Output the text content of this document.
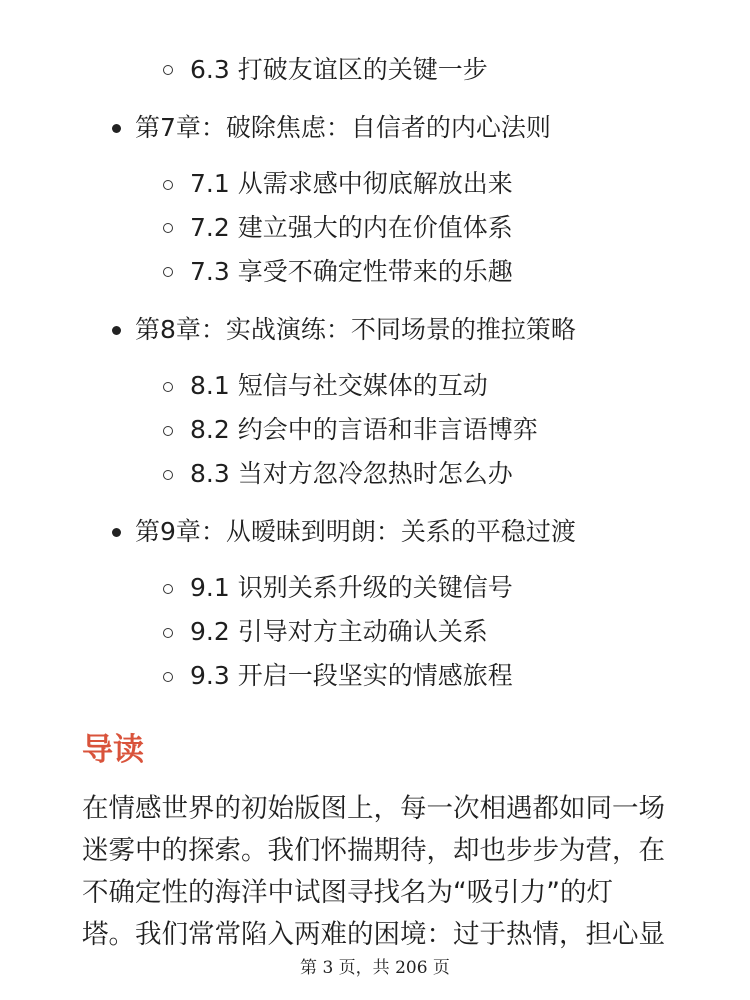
6.3 打破友谊区的关键一步
第7章：破除焦虑：自信者的内心法则
7.1 从需求感中彻底解放出来
7.2 建立强大的内在价值体系
7.3 享受不确定性带来的乐趣
第8章：实战演练：不同场景的推拉策略
8.1 短信与社交媒体的互动
8.2 约会中的言语和非言语博弈
8.3 当对方忽冷忽热时怎么办
第9章：从暧昧到明朗：关系的平稳过渡
9.1 识别关系升级的关键信号
9.2 引导对方主动确认关系
9.3 开启一段坚实的情感旅程
导读
在情感世界的初始版图上，每一次相遇都如同一场
迷雾中的探索。我们怀揣期待，却也步步为营，在
不确定性的海洋中试图寻找名为“吸引力”的灯
塔。我们常常陷入两难的困境：过于热情，担心显
第 3 页，共 206 页
